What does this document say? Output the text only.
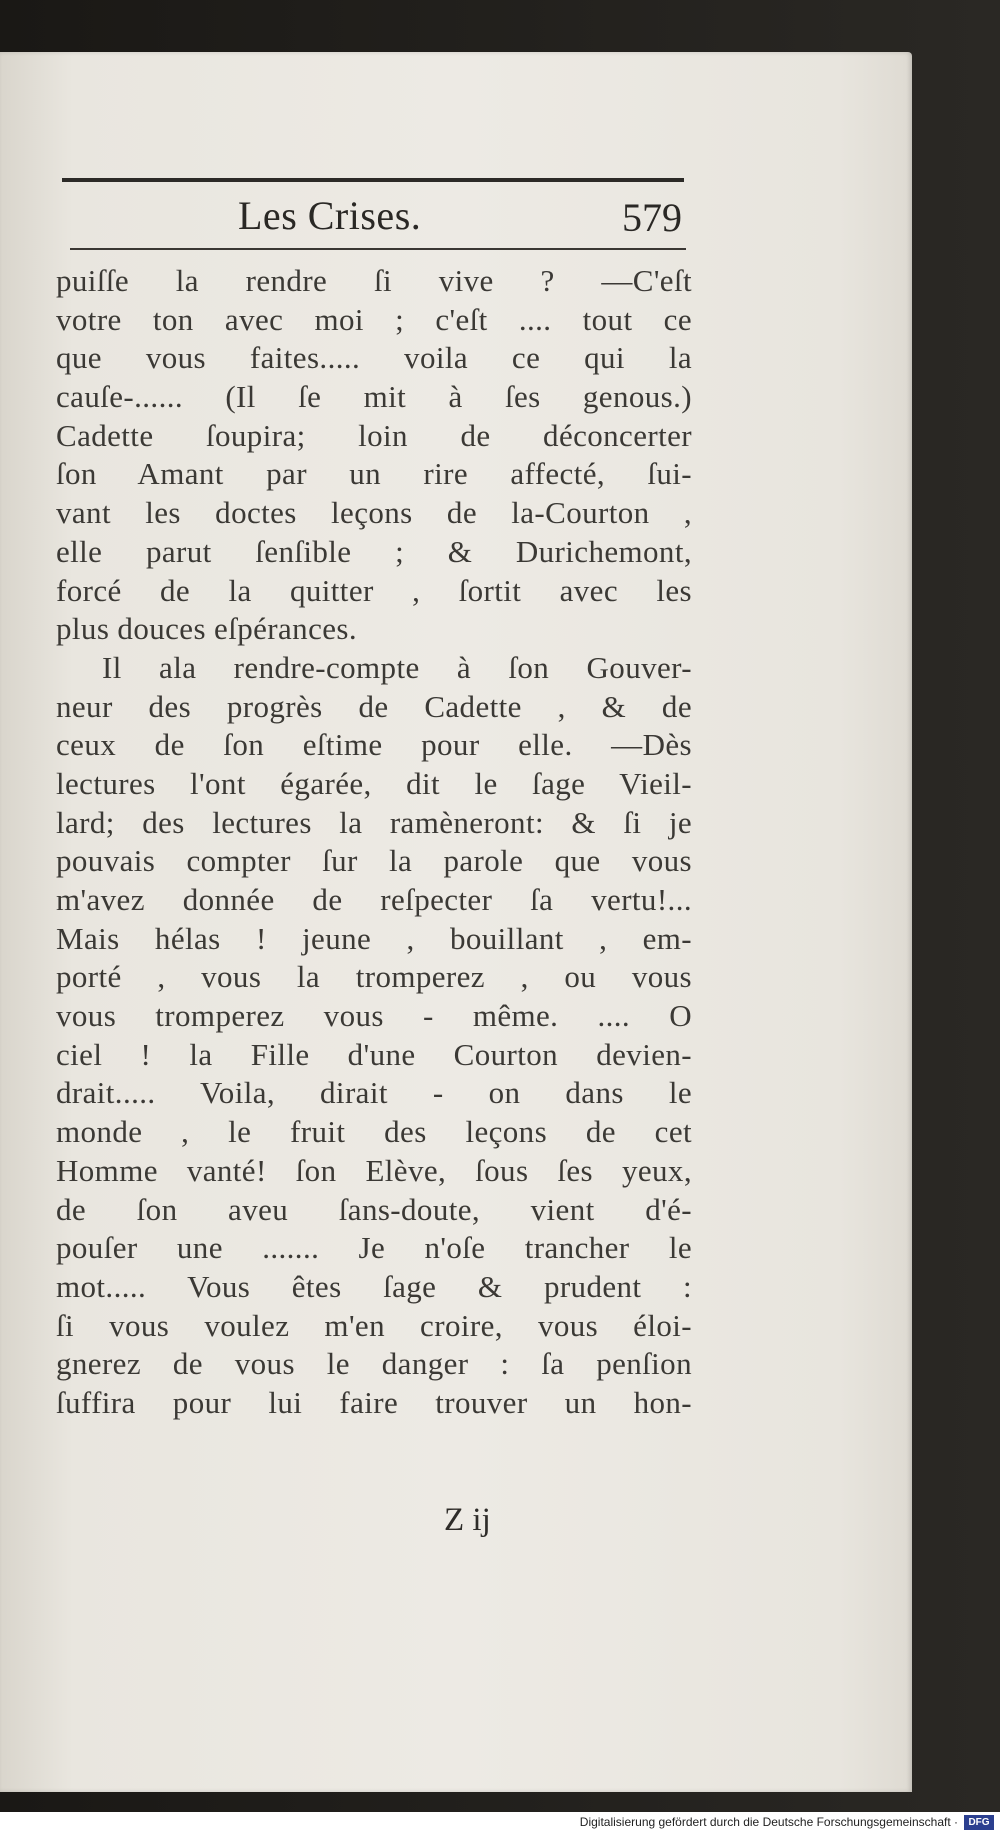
Les Crises.	579
puiſſe la rendre ſi vive ? —C'eſt
votre ton avec moi ; c'eſt .... tout ce
que vous faites..... voila ce qui la
cauſe-...... (Il ſe mit à ſes genous.)
Cadette ſoupira; loin de déconcerter
ſon Amant par un rire affecté, ſui-
vant les doctes leçons de la-Courton ,
elle parut ſenſible ; & Durichemont,
forcé de la quitter , ſortit avec les
plus douces eſpérances.
Il ala rendre-compte à ſon Gouver-
neur des progrès de Cadette , & de
ceux de ſon eſtime pour elle. —Dès
lectures l'ont égarée, dit le ſage Vieil-
lard; des lectures la ramèneront: & ſi je
pouvais compter ſur la parole que vous
m'avez donnée de reſpecter ſa vertu!...
Mais hélas ! jeune , bouillant , em-
porté , vous la tromperez , ou vous
vous tromperez vous - même. .... O
ciel ! la Fille d'une Courton devien-
drait..... Voila, dirait - on dans le
monde , le fruit des leçons de cet
Homme vanté! ſon Elève, ſous ſes yeux,
de ſon aveu ſans-doute, vient d'é-
pouſer une ....... Je n'oſe trancher le
mot..... Vous êtes ſage & prudent :
ſi vous voulez m'en croire, vous éloi-
gnerez de vous le danger : ſa penſion
ſuffira pour lui faire trouver un hon-
Z ij
Digitalisierung gefördert durch die Deutsche Forschungsgemeinschaft ·	DFG
